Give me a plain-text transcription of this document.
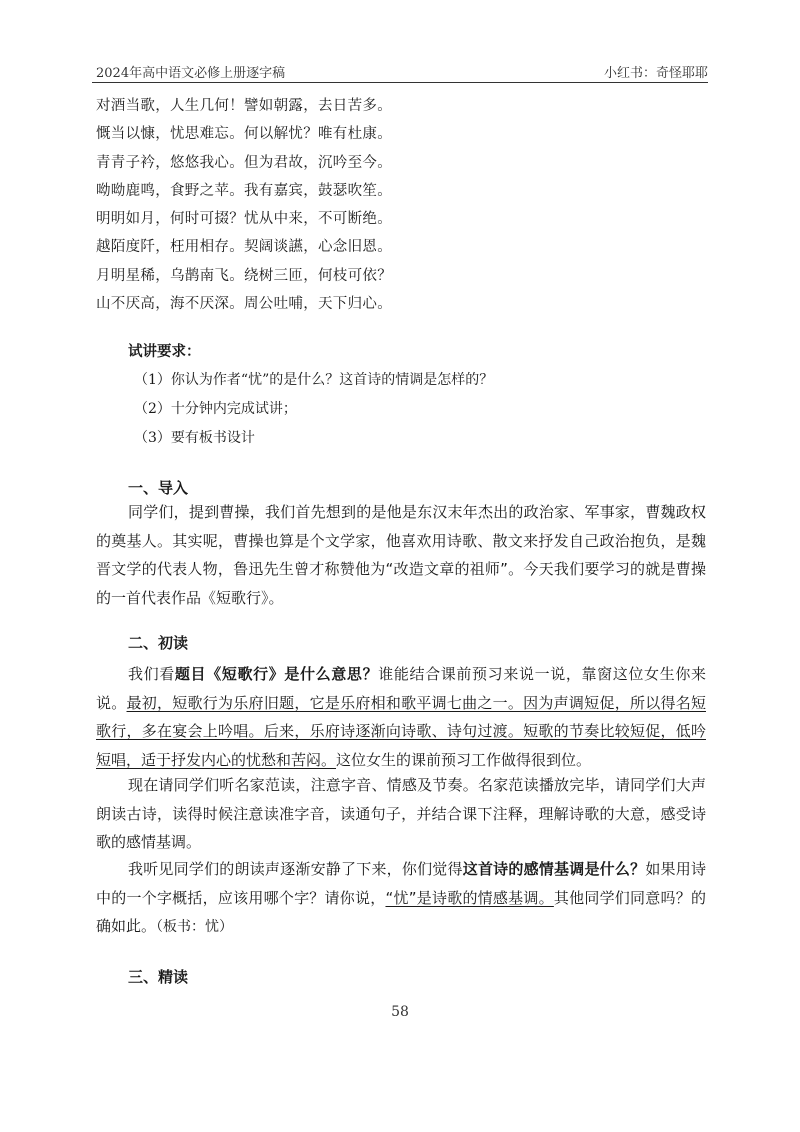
2024年高中语文必修上册逐字稿	小红书：奇怪耶耶
对酒当歌，人生几何！譬如朝露，去日苦多。
慨当以慷，忧思难忘。何以解忧？唯有杜康。
青青子衿，悠悠我心。但为君故，沉吟至今。
呦呦鹿鸣，食野之苹。我有嘉宾，鼓瑟吹笙。
明明如月，何时可掇？忧从中来，不可断绝。
越陌度阡，枉用相存。契阔谈讌，心念旧恩。
月明星稀，乌鹊南飞。绕树三匝，何枝可依？
山不厌高，海不厌深。周公吐哺，天下归心。
试讲要求：
（1）你认为作者“忧”的是什么？这首诗的情调是怎样的？
（2）十分钟内完成试讲；
（3）要有板书设计
一、导入

同学们，提到曹操，我们首先想到的是他是东汉末年杰出的政治家、军事家，曹魏政权的奠基人。其实呢，曹操也算是个文学家，他喜欢用诗歌、散文来抒发自己政治抱负，是魏晋文学的代表人物，鲁迅先生曾才称赞他为“改造文章的祖师”。今天我们要学习的就是曹操的一首代表作品《短歌行》。

二、初读

我们看题目《短歌行》是什么意思？谁能结合课前预习来说一说，靠窗这位女生你来说。最初，短歌行为乐府旧题，它是乐府相和歌平调七曲之一。因为声调短促，所以得名短歌行，多在宴会上吟唱。后来，乐府诗逐渐向诗歌、诗句过渡。短歌的节奏比较短促，低吟短唱，适于抒发内心的忧愁和苦闷。这位女生的课前预习工作做得很到位。

现在请同学们听名家范读，注意字音、情感及节奏。名家范读播放完毕，请同学们大声朗读古诗，读得时候注意读准字音，读通句子，并结合课下注释，理解诗歌的大意，感受诗歌的感情基调。

我听见同学们的朗读声逐渐安静了下来，你们觉得这首诗的感情基调是什么？如果用诗中的一个字概括，应该用哪个字？请你说，“忧”是诗歌的情感基调。其他同学们同意吗？的确如此。（板书：忧）

三、精读
58
